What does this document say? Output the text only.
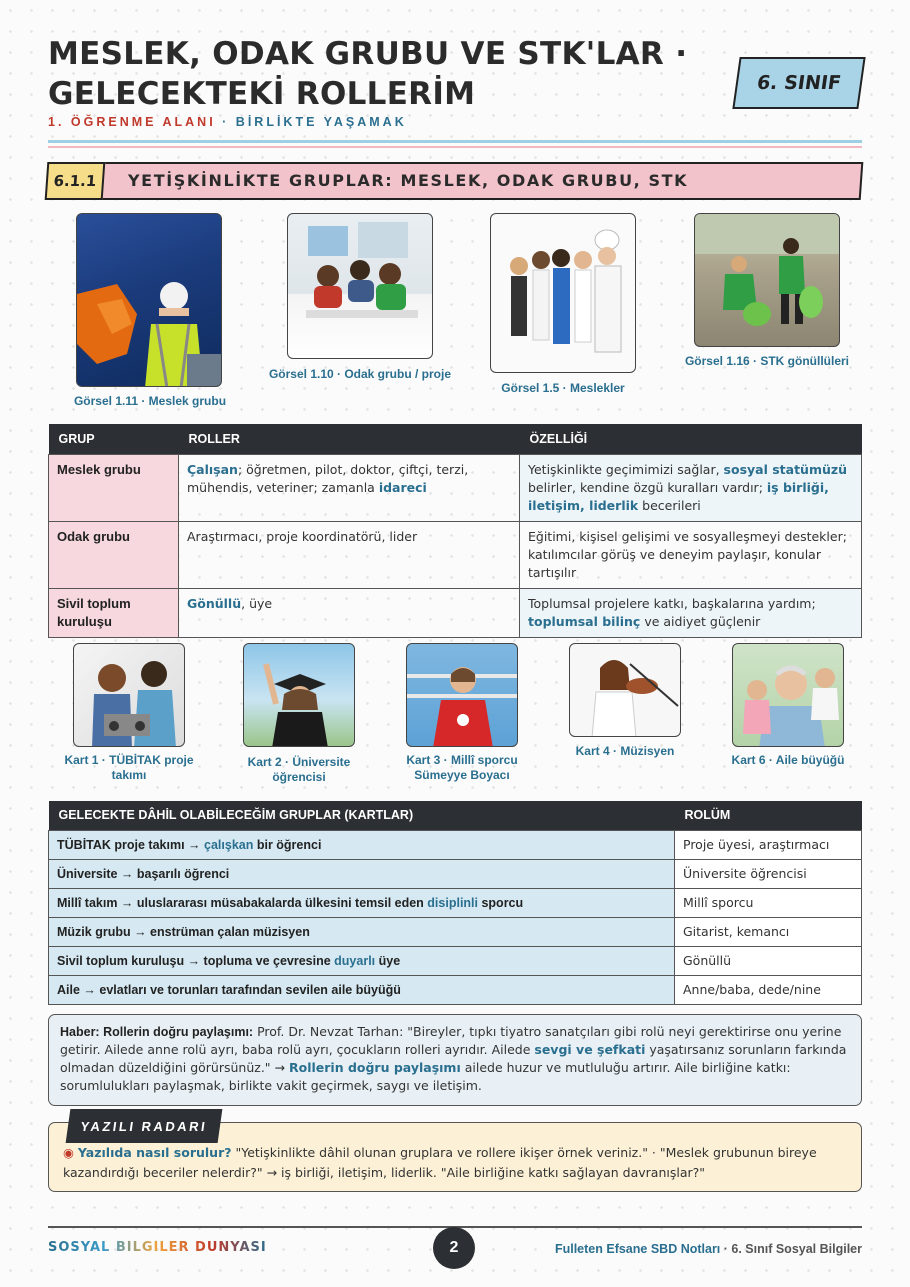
MESLEK, ODAK GRUBU VE STK'LAR · GELECEKTEKİ ROLLERİM
1. ÖĞRENME ALANI · BİRLİKTE YAŞAMAK
6. SINIF
6.1.1 YETİŞKİNLİKTE GRUPLAR: MESLEK, ODAK GRUBU, STK
Görsel 1.11 · Meslek grubu
Görsel 1.10 · Odak grubu / proje
Görsel 1.5 · Meslekler
Görsel 1.16 · STK gönüllüleri
GRUP	ROLLER	ÖZELLİĞİ
Meslek grubu	Çalışan; öğretmen, pilot, doktor, çiftçi, terzi, mühendis, veteriner; zamanla idareci	Yetişkinlikte geçimimizi sağlar, sosyal statümüzü belirler, kendine özgü kuralları vardır; iş birliği, iletişim, liderlik becerileri
Odak grubu	Araştırmacı, proje koordinatörü, lider	Eğitimi, kişisel gelişimi ve sosyalleşmeyi destekler; katılımcılar görüş ve deneyim paylaşır, konular tartışılır
Sivil toplum kuruluşu	Gönüllü, üye	Toplumsal projelere katkı, başkalarına yardım; toplumsal bilinç ve aidiyet güçlenir
Kart 1 · TÜBİTAK proje takımı
Kart 2 · Üniversite öğrencisi
Kart 3 · Millî sporcu Sümeyye Boyacı
Kart 4 · Müzisyen
Kart 6 · Aile büyüğü
GELECEKTE DÂHİL OLABİLECEĞİM GRUPLAR (KARTLAR)	ROLÜM
TÜBİTAK proje takımı → çalışkan bir öğrenci	Proje üyesi, araştırmacı
Üniversite → başarılı öğrenci	Üniversite öğrencisi
Millî takım → uluslararası müsabakalarda ülkesini temsil eden disiplinli sporcu	Millî sporcu
Müzik grubu → enstrüman çalan müzisyen	Gitarist, kemancı
Sivil toplum kuruluşu → topluma ve çevresine duyarlı üye	Gönüllü
Aile → evlatları ve torunları tarafından sevilen aile büyüğü	Anne/baba, dede/nine
Haber: Rollerin doğru paylaşımı: Prof. Dr. Nevzat Tarhan: "Bireyler, tıpkı tiyatro sanatçıları gibi rolü neyi gerektirirse onu yerine getirir. Ailede anne rolü ayrı, baba rolü ayrı, çocukların rolleri ayrıdır. Ailede sevgi ve şefkati yaşatırsanız sorunların farkında olmadan düzeldiğini görürsünüz." → Rollerin doğru paylaşımı ailede huzur ve mutluluğu artırır. Aile birliğine katkı: sorumlulukları paylaşmak, birlikte vakit geçirmek, saygı ve iletişim.
◉ Yazılıda nasıl sorulur? "Yetişkinlikte dâhil olunan gruplara ve rollere ikişer örnek veriniz." · "Meslek grubunun bireye kazandırdığı beceriler nelerdir?" → iş birliği, iletişim, liderlik. "Aile birliğine katkı sağlayan davranışlar?"
YAZILI RADARI
SOSYAL BİLGİLER DÜNYASI	2	Fulleten Efsane SBD Notları · 6. Sınıf Sosyal Bilgiler
